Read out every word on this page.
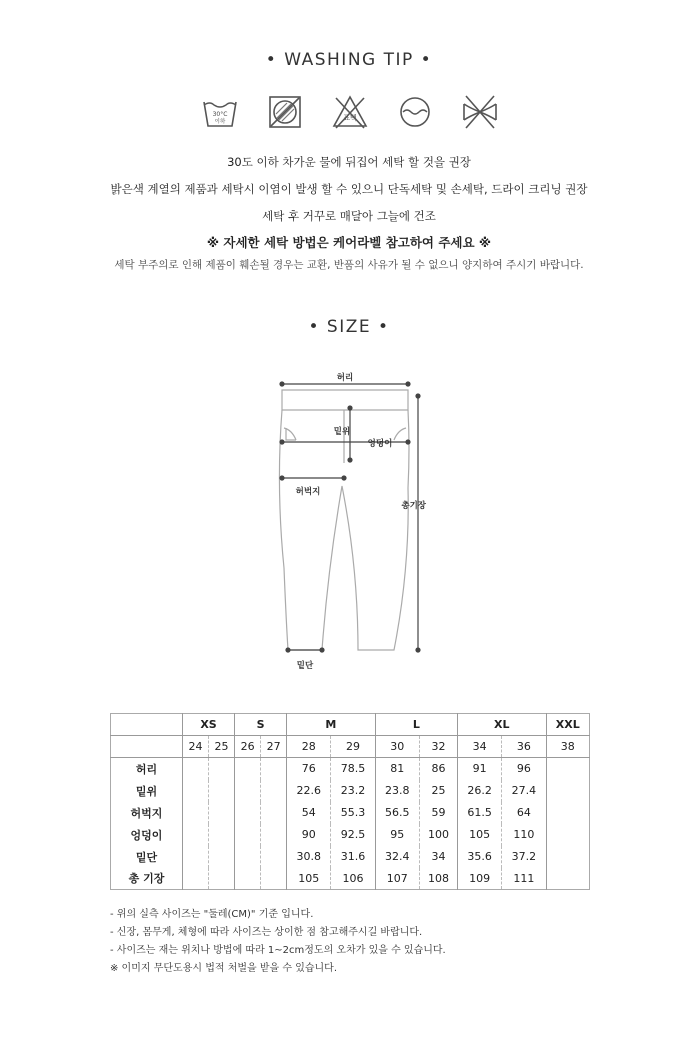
• WASHING TIP •
30°C
이하	표백
30도 이하 차가운 물에 뒤집어 세탁 할 것을 권장
밝은색 계열의 제품과 세탁시 이염이 발생 할 수 있으니 단독세탁 및 손세탁, 드라이 크리닝 권장
세탁 후 거꾸로 매달아 그늘에 건조
※ 자세한 세탁 방법은 케어라벨 참고하여 주세요 ※
세탁 부주의로 인해 제품이 훼손될 경우는 교환, 반품의 사유가 될 수 없으니 양지하여 주시기 바랍니다.
• SIZE •
허리
밑위
엉덩이
허벅지
총기장
밑단
	XS		S		M		L		XL		XXL
	24	25	26	27	28	29	30	32	34	36	38
허리					76	78.5	81	86	91	96	
밑위					22.6	23.2	23.8	25	26.2	27.4	
허벅지					54	55.3	56.5	59	61.5	64	
엉덩이					90	92.5	95	100	105	110	
밑단					30.8	31.6	32.4	34	35.6	37.2	
총 기장					105	106	107	108	109	111	
- 위의 실측 사이즈는 "둘레(CM)" 기준 입니다.
- 신장, 몸무게, 체형에 따라 사이즈는 상이한 점 참고해주시길 바랍니다.
- 사이즈는 재는 위치나 방법에 따라 1~2cm정도의 오차가 있을 수 있습니다.
※ 이미지 무단도용시 법적 처벌을 받을 수 있습니다.
